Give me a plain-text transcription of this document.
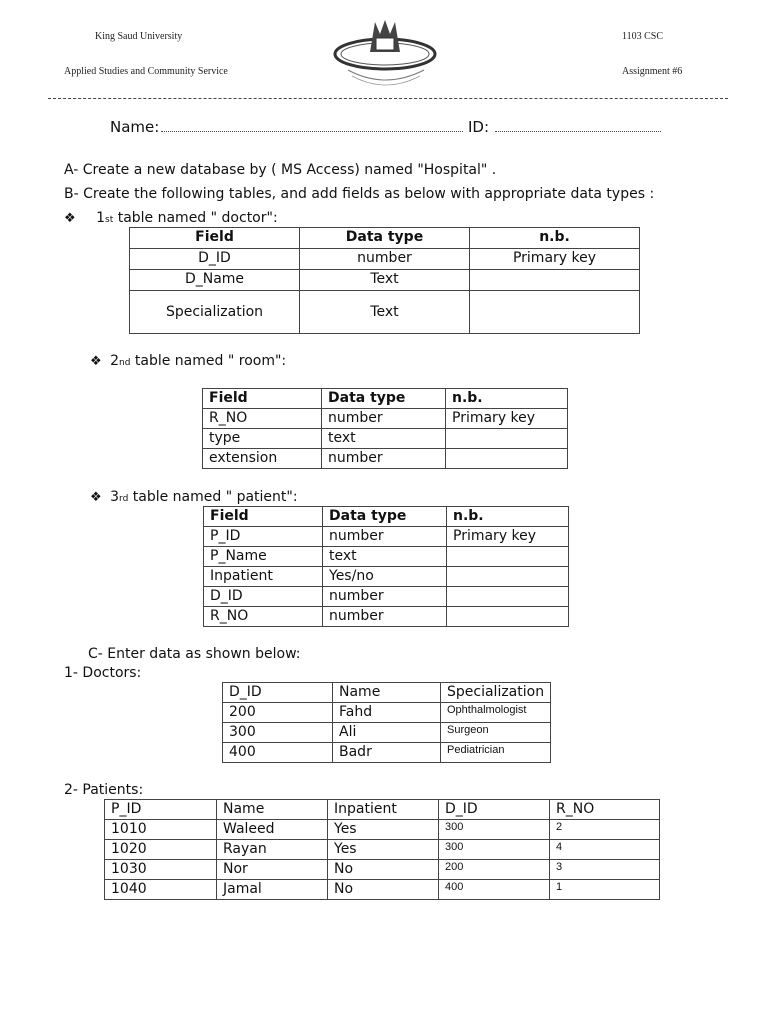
King Saud University
Applied Studies and Community Service
1103 CSC
Assignment #6
Name:	ID:
A- Create a new database by ( MS Access) named "Hospital" .
B- Create the following tables, and add fields as below with appropriate data types :
❖ 1st table named " doctor":
Field	Data type	n.b.
D_ID	number	Primary key
D_Name	Text	
Specialization	Text	
❖ 2nd table named " room":
Field	Data type	n.b.
R_NO	number	Primary key
type	text	
extension	number	
❖ 3rd table named " patient":
Field	Data type	n.b.
P_ID	number	Primary key
P_Name	text	
Inpatient	Yes/no	
D_ID	number	
R_NO	number	
C- Enter data as shown below:
1- Doctors:
D_ID	Name	Specialization
200	Fahd	Ophthalmologist
300	Ali	Surgeon
400	Badr	Pediatrician
2- Patients:
P_ID	Name	Inpatient	D_ID	R_NO
1010	Waleed	Yes	300	2
1020	Rayan	Yes	300	4
1030	Nor	No	200	3
1040	Jamal	No	400	1
